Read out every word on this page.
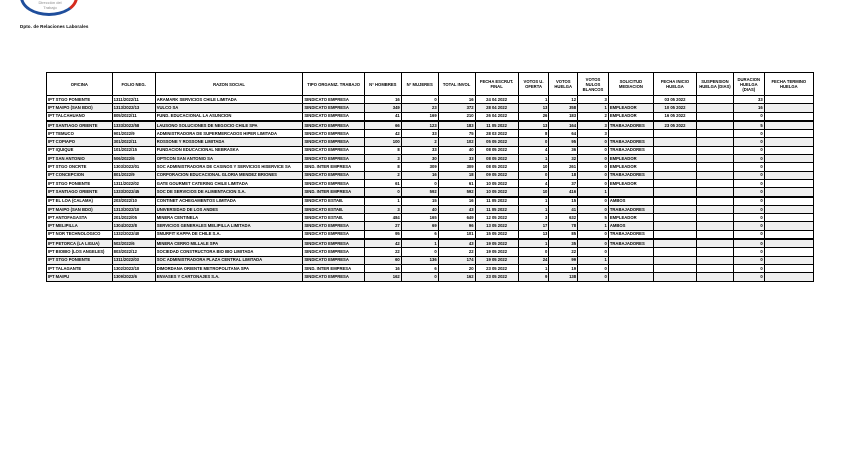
Dirección del
Trabajo
Dpto. de Relaciones Laborales
OFICINA	FOLIO NEG.	RAZON SOCIAL	TIPO ORGANIZ. TRABAJO	N° HOMBRES	N° MUJERES	TOTAL INVOL	FECHA ESCRUT. FINAL	VOTOS U. OFERTA	VOTOS HUELGA	VOTOS NULOS BLANCOS	SOLICITUD MEDIACION	FECHA INICIO HUELGA	SUSPENSION HUELGA (DIAS)	DURACION HUELGA (DIAS)	FECHA TERMINO HUELGA
IPT STGO PONIENTE	1311/2022/11	ARAMARK SERVICIOS CHILE LIMITADA	SINDICATO EMPRESA	16	0	16	24 04 2022	1	12	3		03 05 2022		33	
IPT MAIPO (SAN BDO)	1313/2022/13	VULCO SA	SINDICATO EMPRESA	349	23	372	28 04 2022	13	358	1	EMPLEADOR	10 05 2022		16	
IPT TALCAHUANO	805/2022/11	FUND. EDUCACIONAL LA ASUNCION	SINDICATO EMPRESA	41	169	210	26 04 2022	26	183	2	EMPLEADOR	16 05 2022		0	
IPT SANTIAGO ORIENTE	1333/2022/58	LAUSONO SOLUCIONES DE NEGOCIO CHILE SPA	SINDICATO EMPRESA	66	123	183	11 05 2022	13	164	3	TRABAJADORES	23 05 2022		5	
IPT TEMUCO	901/2022/9	ADMINISTRADORA DE SUPERMERCADOS HIPER LIMITADA	SINDICATO EMPRESA	42	33	75	28 03 2022	8	64	3				0	
IPT COPIAPO	301/2022/11	ROSSONE Y ROSSONE LIMITADA	SINDICATO EMPRESA	100	2	102	05 05 2022	0	95	0	TRABAJADORES			0	
IPT IQUIQUE	101/2022/15	FUNDACION EDUCACIONAL NEBRASKA	SINDICATO EMPRESA	8	33	40	08 05 2022	4	36	0	TRABAJADORES			0	
IPT SAN ANTONIO	506/2022/6	OPTICON SAN ANTONIO SA	SINDICATO EMPRESA	3	30	33	08 05 2022	1	32	0	EMPLEADOR			0	
IPT STGO ONCRTE	1303/2022/01	SOC ADMINISTRADORA DE CASINOS Y SERVICIOS HISERVICE SA	SIND. INTER EMPRESA	8	309	309	08 05 2022	10	261	0	EMPLEADOR			0	
IPT CONCEPCION	801/2022/9	CORPORACION EDUCACIONAL GLORIA MENDEZ BRIONES	SINDICATO EMPRESA	2	16	18	09 05 2022	0	18	0	TRABAJADORES			0	
IPT STGO PONIENTE	1311/2022/02	GATE GOURMET CATERING CHILE LIMITADA	SINDICATO EMPRESA	61	0	61	10 05 2022	4	37	0	EMPLEADOR			0	
IPT SANTIAGO ORIENTE	1333/2022/45	SOC DE SERVICIOS DE ALIMENTACION S.A.	SIND. INTER EMPRESA	0	592	592	10 05 2022	10	416	1				0	
IPT EL LOA (CALAMA)	203/2022/10	CONTINET ACHEGAMENTOS LIMITADA	SINDICATO ESTAB.	1	15	16	11 05 2022	1	15	0	AMBOS			0	
IPT MAIPO (SAN BDO)	1313/2022/10	UNIVERSIDAD DE LOS ANDES	SINDICATO ESTAB.	3	40	43	11 05 2022	1	41	0	TRABAJADORES			0	
IPT ANTOFAGASTA	201/2022/05	MINERA CENTINELA	SINDICATO ESTAB.	484	165	649	12 05 2022	3	632	5	EMPLEADOR			0	
IPT MELIPILLA	1304/2022/8	SERVICIOS GENERALES MELIPILLA LIMITADA	SINDICATO EMPRESA	27	69	96	13 05 2022	17	78	1	AMBOS			0	
IPT NOR TECHNOLOGICO	1332/2022/40	SMURFIT KAPPA DE CHILE S.A.	SINDICATO EMPRESA	95	6	101	15 05 2022	13	85	0	TRABAJADORES			0	
IPT PETORCA (LA LIGUA)	502/2022/6	MINERA CERRO MILLALE SPA	SINDICATO EMPRESA	42	1	43	19 05 2022	1	35	0	TRABAJADORES			0	
IPT BIOBIO (LOS ANGELES)	803/2022/12	SOCIEDAD CONSTRUCTORA BIO BIO LIMITADA	SINDICATO EMPRESA	22	0	22	19 05 2022	0	22	0				0	
IPT STGO PONIENTE	1311/2022/03	SOC ADMINISTRADORA PLAZA CENTRAL LIMITADA	SINDICATO EMPRESA	60	136	174	19 05 2022	24	99	1				0	
IPT TALAGANTE	1302/2022/10	DIMORDANA ORIENTE METROPOLITANA SPA	SIND. INTER EMPRESA	16	6	20	23 05 2022	1	19	0				0	
IPT MAIPU	1309/2022/6	ENVASES Y CARTONAJES S.A.	SINDICATO EMPRESA	162	0	162	23 05 2022	9	138	0				0	
